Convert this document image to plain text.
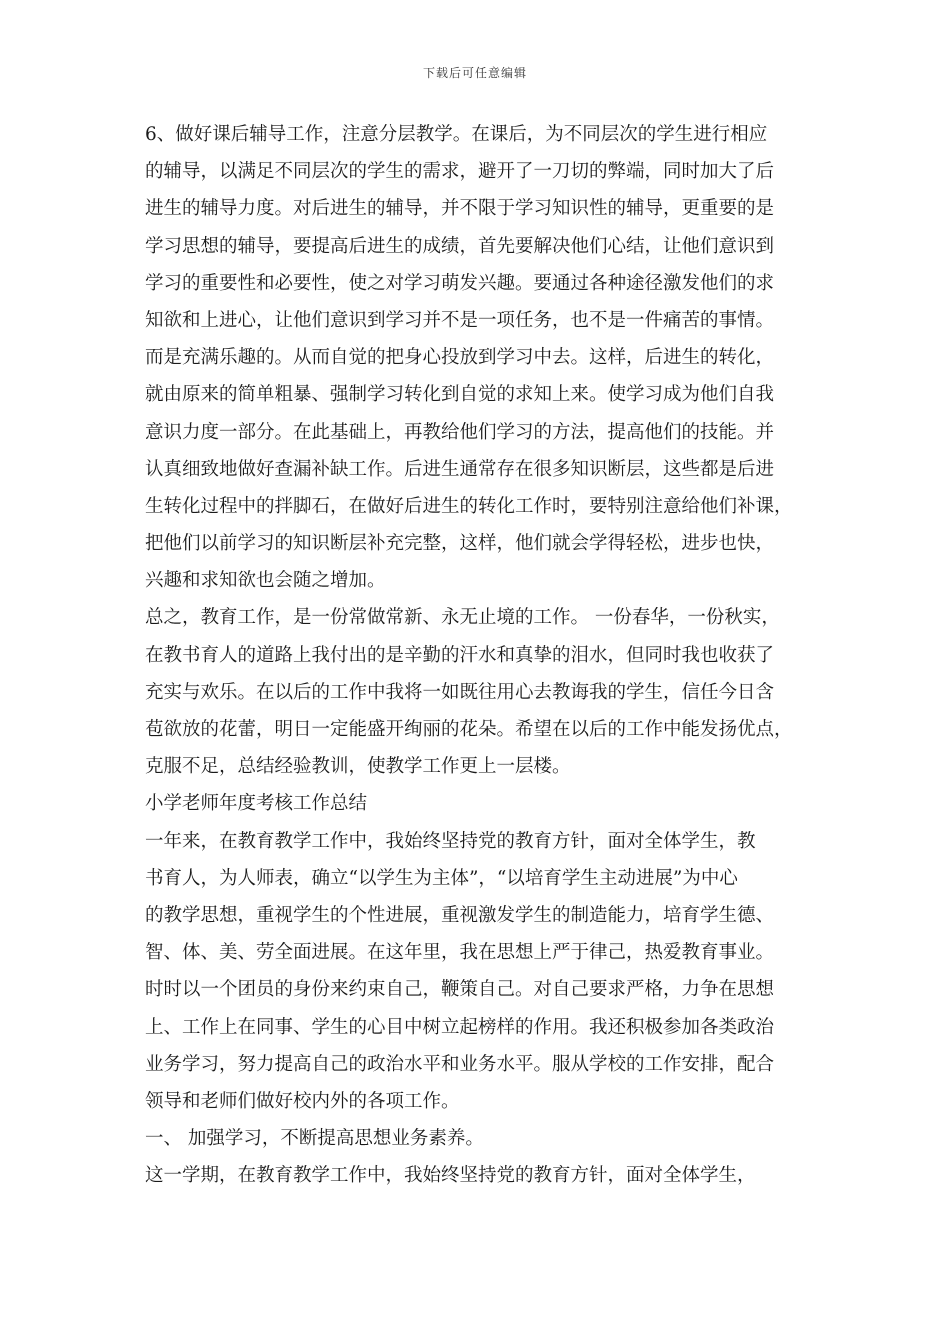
下载后可任意编辑
6、做好课后辅导工作，注意分层教学。在课后，为不同层次的学生进行相应
的辅导，以满足不同层次的学生的需求，避开了一刀切的弊端，同时加大了后
进生的辅导力度。对后进生的辅导，并不限于学习知识性的辅导，更重要的是
学习思想的辅导，要提高后进生的成绩，首先要解决他们心结，让他们意识到
学习的重要性和必要性，使之对学习萌发兴趣。要通过各种途径激发他们的求
知欲和上进心，让他们意识到学习并不是一项任务，也不是一件痛苦的事情。
而是充满乐趣的。从而自觉的把身心投放到学习中去。这样，后进生的转化，
就由原来的简单粗暴、强制学习转化到自觉的求知上来。使学习成为他们自我
意识力度一部分。在此基础上，再教给他们学习的方法，提高他们的技能。并
认真细致地做好查漏补缺工作。后进生通常存在很多知识断层，这些都是后进
生转化过程中的拌脚石，在做好后进生的转化工作时，要特别注意给他们补课，
把他们以前学习的知识断层补充完整，这样，他们就会学得轻松，进步也快，
兴趣和求知欲也会随之增加。
总之，教育工作，是一份常做常新、永无止境的工作。 一份春华，一份秋实，
在教书育人的道路上我付出的是辛勤的汗水和真挚的泪水，但同时我也收获了
充实与欢乐。在以后的工作中我将一如既往用心去教诲我的学生，信任今日含
苞欲放的花蕾，明日一定能盛开绚丽的花朵。希望在以后的工作中能发扬优点，
克服不足，总结经验教训，使教学工作更上一层楼。
小学老师年度考核工作总结
一年来，在教育教学工作中，我始终坚持党的教育方针，面对全体学生，教
书育人，为人师表，确立“以学生为主体”，“以培育学生主动进展”为中心
的教学思想，重视学生的个性进展，重视激发学生的制造能力，培育学生德、
智、体、美、劳全面进展。在这年里，我在思想上严于律己，热爱教育事业。
时时以一个团员的身份来约束自己，鞭策自己。对自己要求严格，力争在思想
上、工作上在同事、学生的心目中树立起榜样的作用。我还积极参加各类政治
业务学习，努力提高自己的政治水平和业务水平。服从学校的工作安排，配合
领导和老师们做好校内外的各项工作。
一、 加强学习，不断提高思想业务素养。
这一学期，在教育教学工作中，我始终坚持党的教育方针，面对全体学生，
